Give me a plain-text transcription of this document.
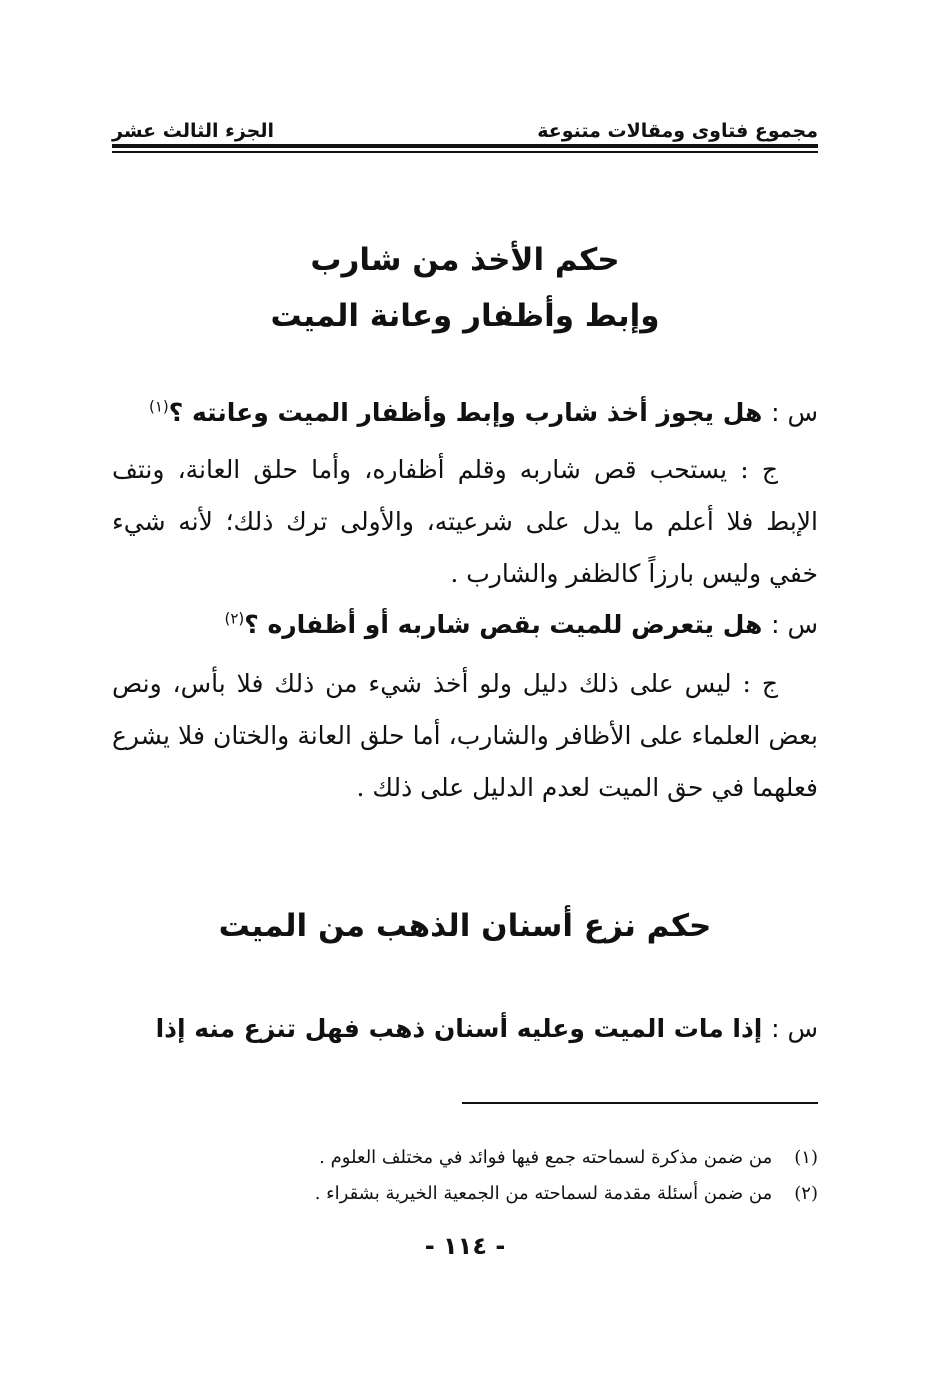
مجموع فتاوى ومقالات متنوعة
الجزء الثالث عشر
حكم الأخذ من شارب
وإبط وأظفار وعانة الميت
س : هل يجوز أخذ شارب وإبط وأظفار الميت وعانته ؟$^{(١)}$
ج : يستحب قص شاربه وقلم أظفاره، وأما حلق العانة، ونتف الإبط فلا أعلم ما يدل على شرعيته، والأولى ترك ذلك؛ لأنه شيء خفي وليس بارزاً كالظفر والشارب .
س : هل يتعرض للميت بقص شاربه أو أظفاره ؟$^{(٢)}$
ج : ليس على ذلك دليل ولو أخذ شيء من ذلك فلا بأس، ونص بعض العلماء على الأظافر والشارب، أما حلق العانة والختان فلا يشرع فعلهما في حق الميت لعدم الدليل على ذلك .
حكم نزع أسنان الذهب من الميت
س : إذا مات الميت وعليه أسنان ذهب فهل تنزع منه إذا
(١) من ضمن مذكرة لسماحته جمع فيها فوائد في مختلف العلوم .
(٢) من ضمن أسئلة مقدمة لسماحته من الجمعية الخيرية بشقراء .
- ١١٤ -
